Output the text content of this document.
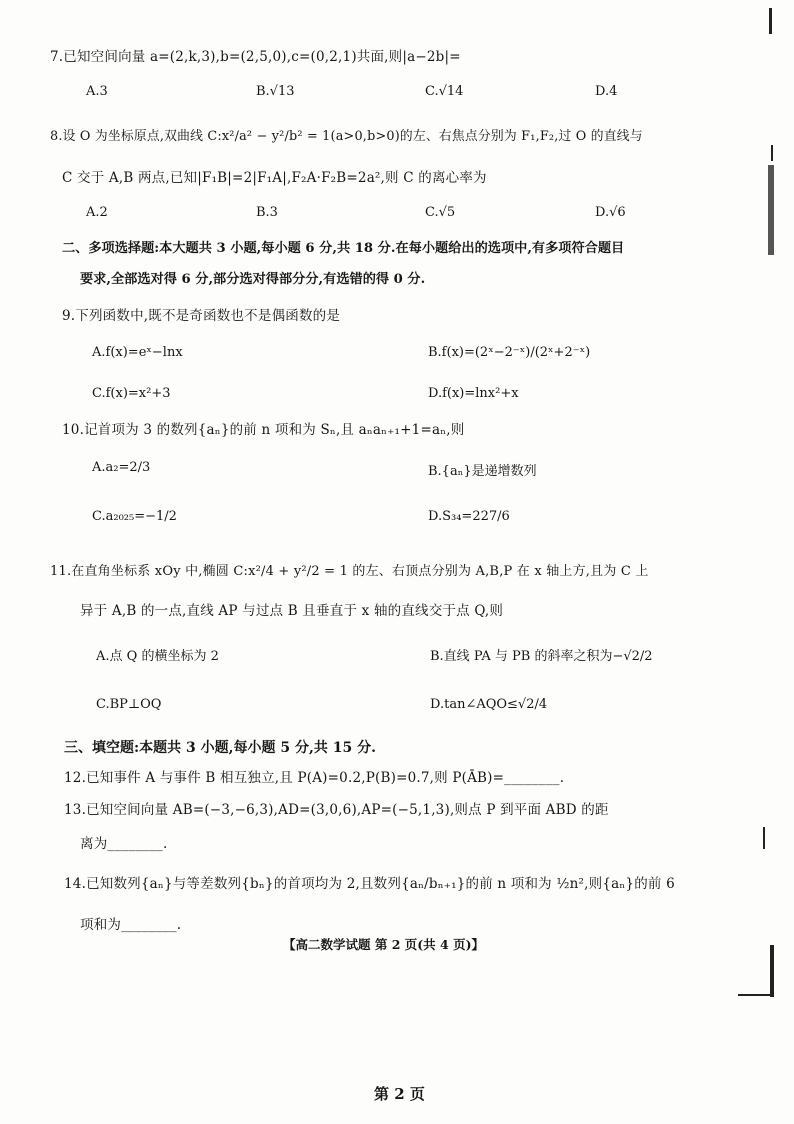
7.已知空间向量 a=(2,k,3),b=(2,5,0),c=(0,2,1)共面,则|a−2b|=
A.3	B.√13	C.√14	D.4
8.设 O 为坐标原点,双曲线 C:x²/a² − y²/b² = 1(a>0,b>0)的左、右焦点分别为 F₁,F₂,过 O 的直线与
C 交于 A,B 两点,已知|F₁B|=2|F₁A|,F₂A·F₂B=2a²,则 C 的离心率为
A.2	B.3	C.√5	D.√6
二、多项选择题:本大题共 3 小题,每小题 6 分,共 18 分.在每小题给出的选项中,有多项符合题目
要求,全部选对得 6 分,部分选对得部分分,有选错的得 0 分.
9.下列函数中,既不是奇函数也不是偶函数的是
A.f(x)=eˣ−lnx	B.f(x)=(2ˣ−2⁻ˣ)/(2ˣ+2⁻ˣ)
C.f(x)=x²+3	D.f(x)=lnx²+x
10.记首项为 3 的数列{aₙ}的前 n 项和为 Sₙ,且 aₙaₙ₊₁+1=aₙ,则
A.a₂=2/3	B.{aₙ}是递增数列
C.a₂₀₂₅=−1/2	D.S₃₄=227/6
11.在直角坐标系 xOy 中,椭圆 C:x²/4 + y²/2 = 1 的左、右顶点分别为 A,B,P 在 x 轴上方,且为 C 上
异于 A,B 的一点,直线 AP 与过点 B 且垂直于 x 轴的直线交于点 Q,则
A.点 Q 的横坐标为 2	B.直线 PA 与 PB 的斜率之积为−√2/2
C.BP⊥OQ	D.tan∠AQO≤√2/4
三、填空题:本题共 3 小题,每小题 5 分,共 15 分.
12.已知事件 A 与事件 B 相互独立,且 P(A)=0.2,P(B)=0.7,则 P(ĀB)=________.
13.已知空间向量 AB=(−3,−6,3),AD=(3,0,6),AP=(−5,1,3),则点 P 到平面 ABD 的距
离为________.
14.已知数列{aₙ}与等差数列{bₙ}的首项均为 2,且数列{aₙ/bₙ₊₁}的前 n 项和为 ½n²,则{aₙ}的前 6
项和为________.
【高二数学试题 第 2 页(共 4 页)】
第 2 页
